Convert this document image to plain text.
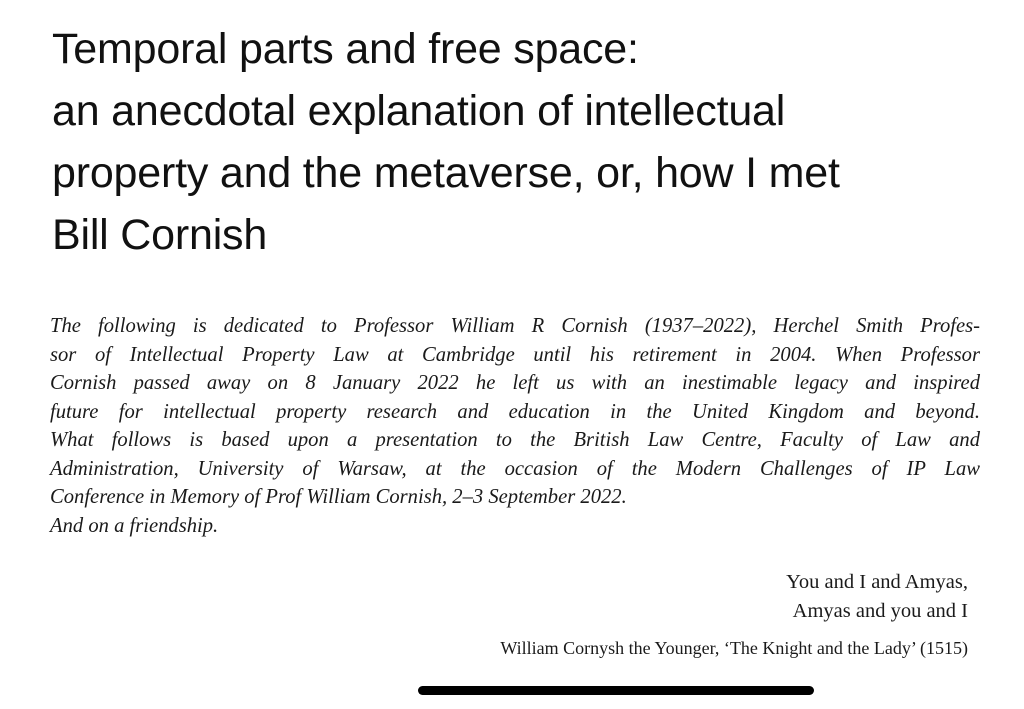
Temporal parts and free space:
an anecdotal explanation of intellectual
property and the metaverse, or, how I met
Bill Cornish
The following is dedicated to Professor William R Cornish (1937–2022), Herchel Smith Profes-
sor of Intellectual Property Law at Cambridge until his retirement in 2004. When Professor
Cornish passed away on 8 January 2022 he left us with an inestimable legacy and inspired
future for intellectual property research and education in the United Kingdom and beyond.
What follows is based upon a presentation to the British Law Centre, Faculty of Law and
Administration, University of Warsaw, at the occasion of the Modern Challenges of IP Law
Conference in Memory of Prof William Cornish, 2–3 September 2022.
And on a friendship.
You and I and Amyas,
Amyas and you and I
William Cornysh the Younger, ‘The Knight and the Lady’ (1515)
